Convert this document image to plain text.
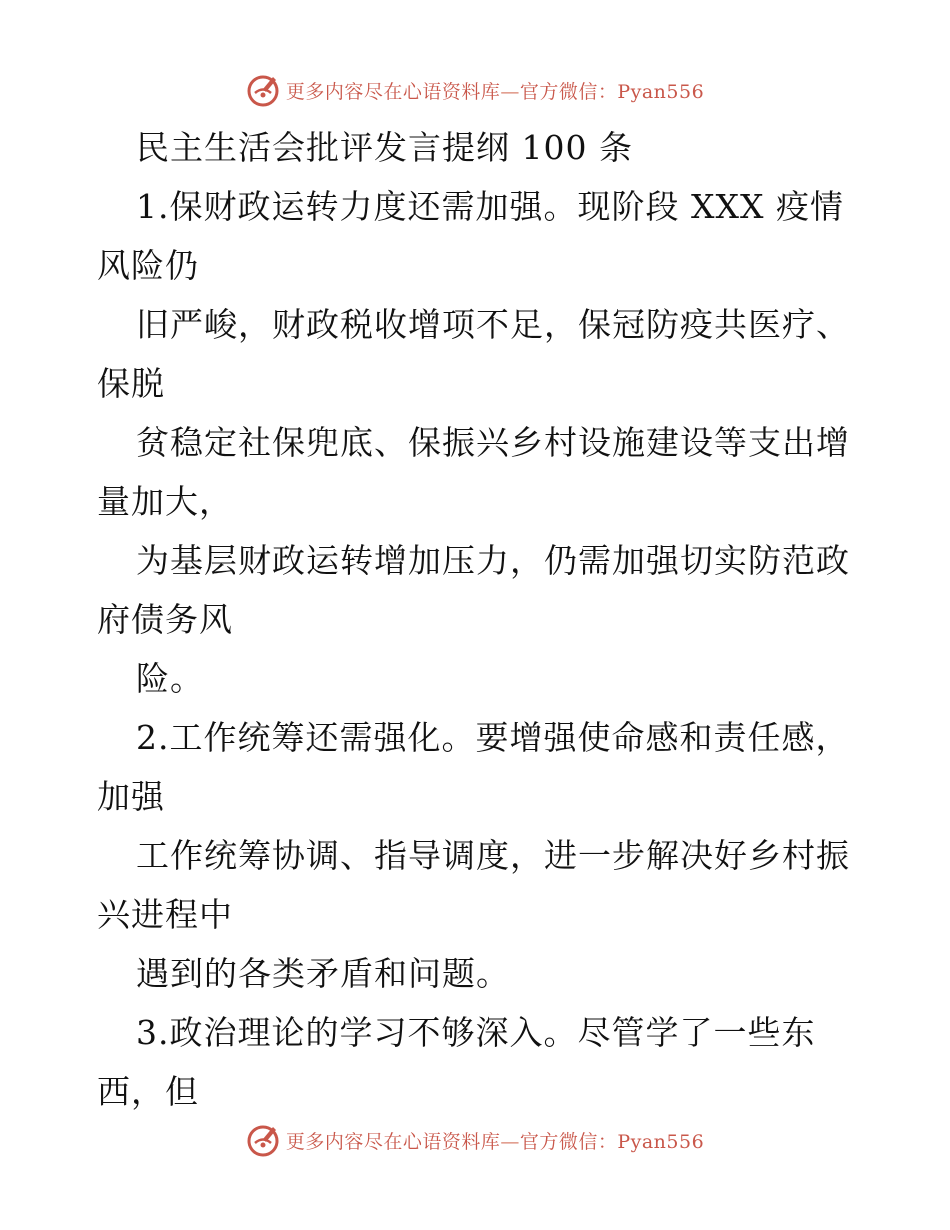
更多内容尽在心语资料库—官方微信：Pyan556
民主生活会批评发言提纲 100 条
1.保财政运转力度还需加强。现阶段 XXX 疫情
风险仍
旧严峻，财政税收增项不足，保冠防疫共医疗、
保脱
贫稳定社保兜底、保振兴乡村设施建设等支出增
量加大，
为基层财政运转增加压力，仍需加强切实防范政
府债务风
险。
2.工作统筹还需强化。要增强使命感和责任感，
加强
工作统筹协调、指导调度，进一步解决好乡村振
兴进程中
遇到的各类矛盾和问题。
3.政治理论的学习不够深入。尽管学了一些东
西，但
更多内容尽在心语资料库—官方微信：Pyan556
